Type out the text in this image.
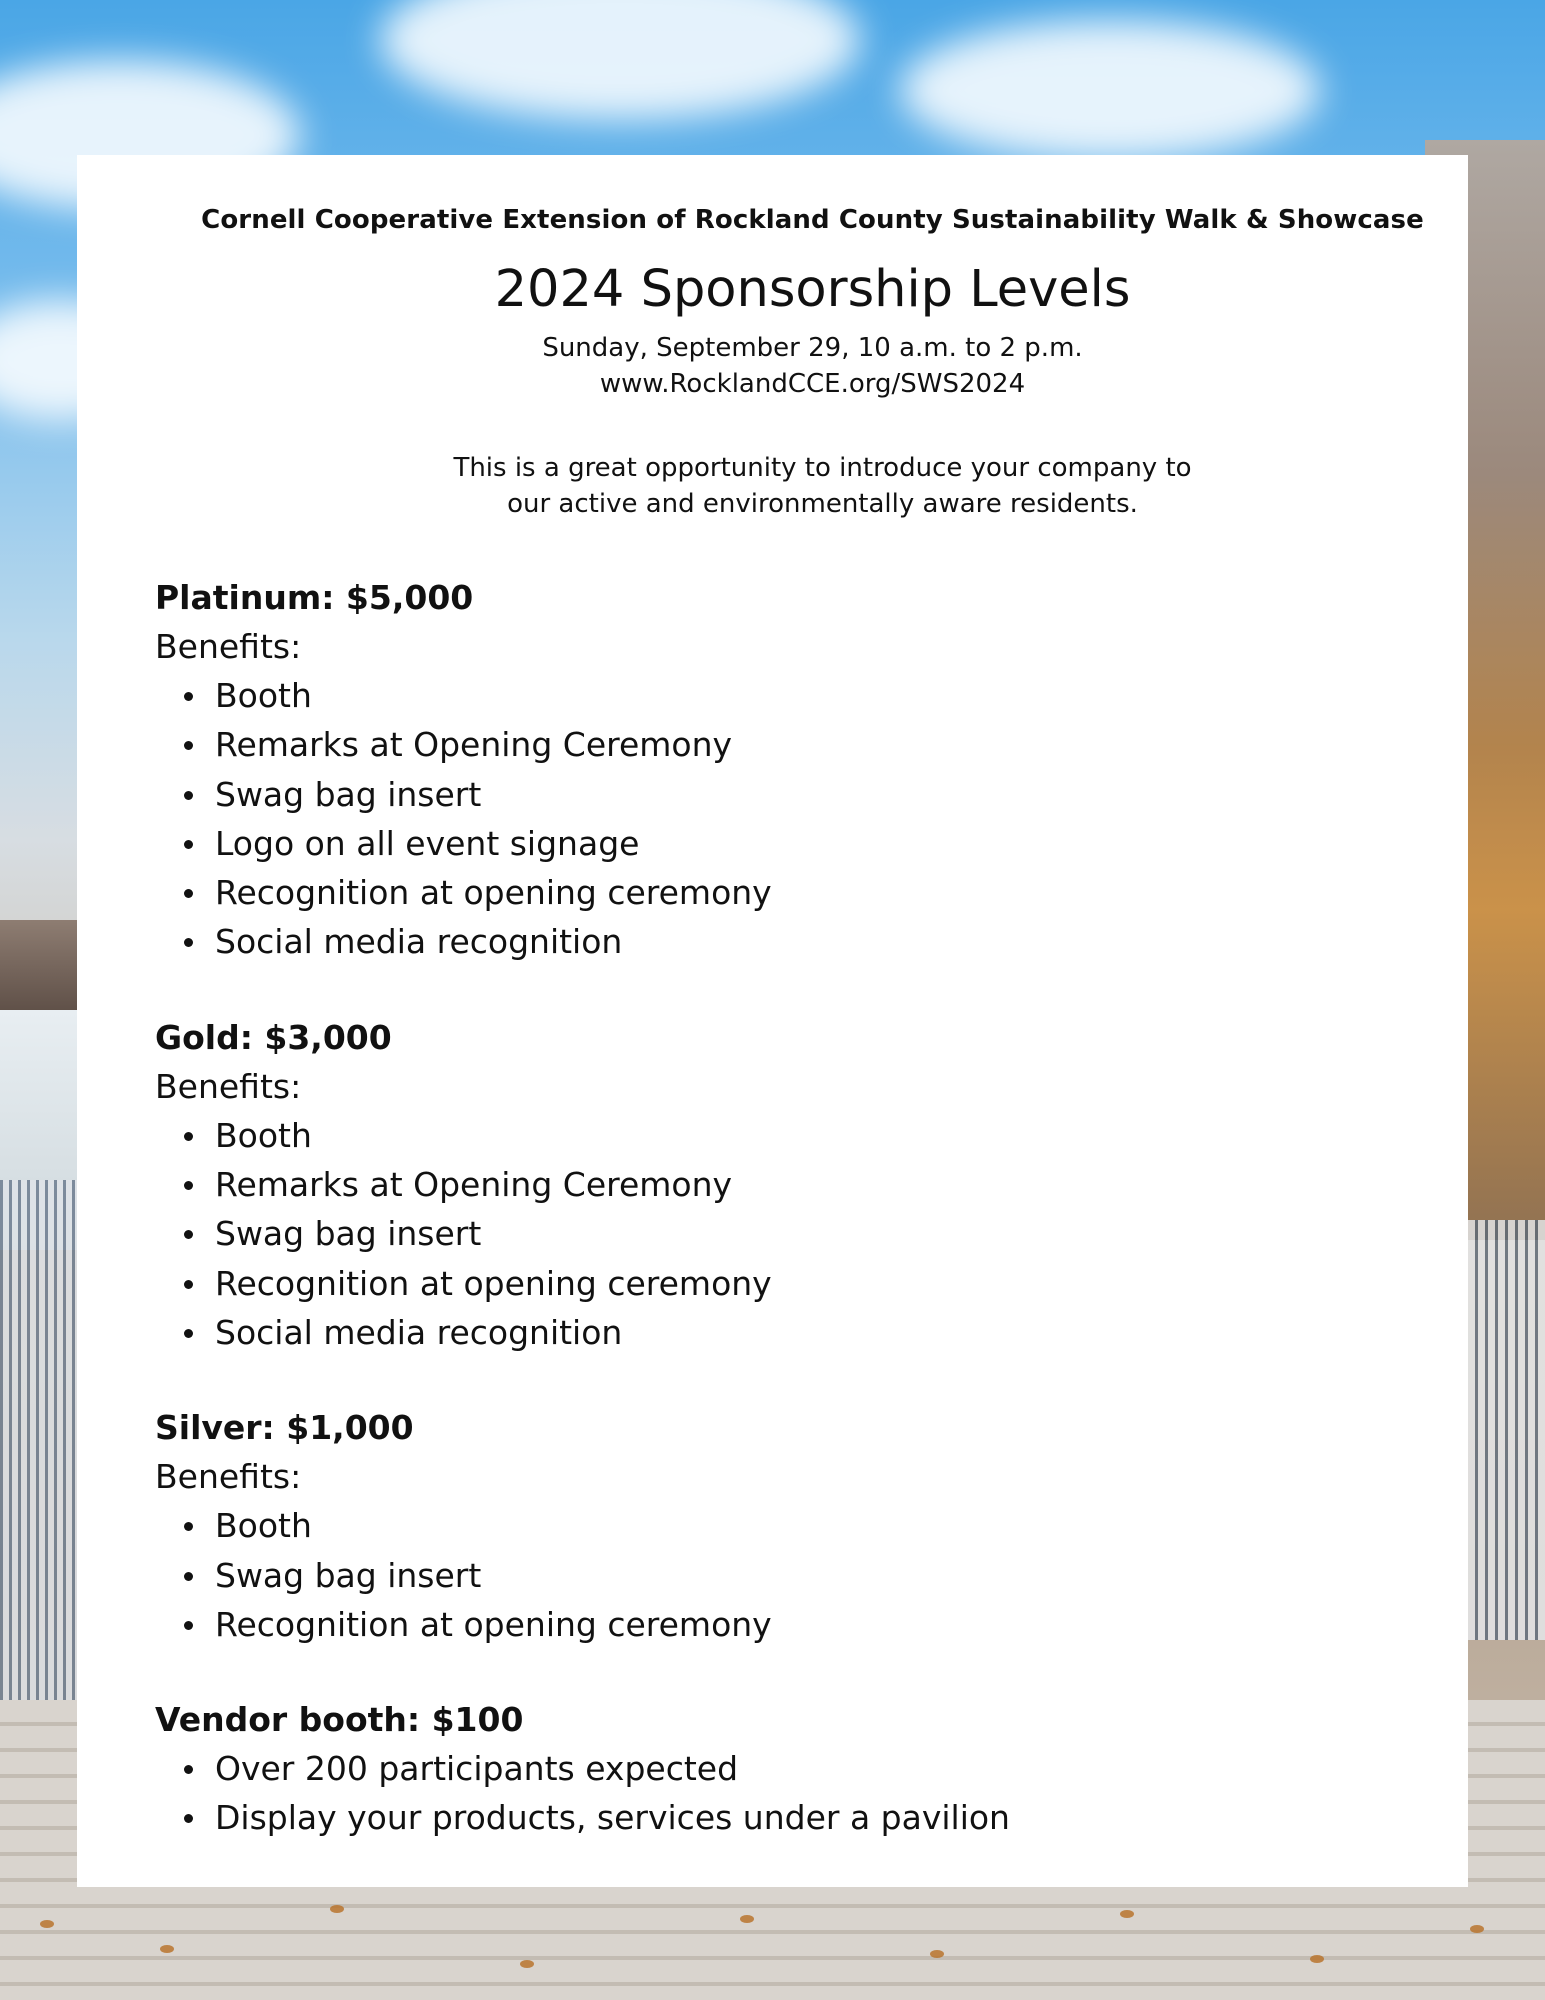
Cornell Cooperative Extension of Rockland County Sustainability Walk & Showcase
2024 Sponsorship Levels
Sunday, September 29, 10 a.m. to 2 p.m.
www.RocklandCCE.org/SWS2024
This is a great opportunity to introduce your company to
our active and environmentally aware residents.

Platinum: $5,000

Benefits:

Booth
Remarks at Opening Ceremony
Swag bag insert
Logo on all event signage
Recognition at opening ceremony
Social media recognition

Gold: $3,000

Benefits:

Booth
Remarks at Opening Ceremony
Swag bag insert
Recognition at opening ceremony
Social media recognition

Silver: $1,000

Benefits:

Booth
Swag bag insert
Recognition at opening ceremony

Vendor booth: $100

Over 200 participants expected
Display your products, services under a pavilion
